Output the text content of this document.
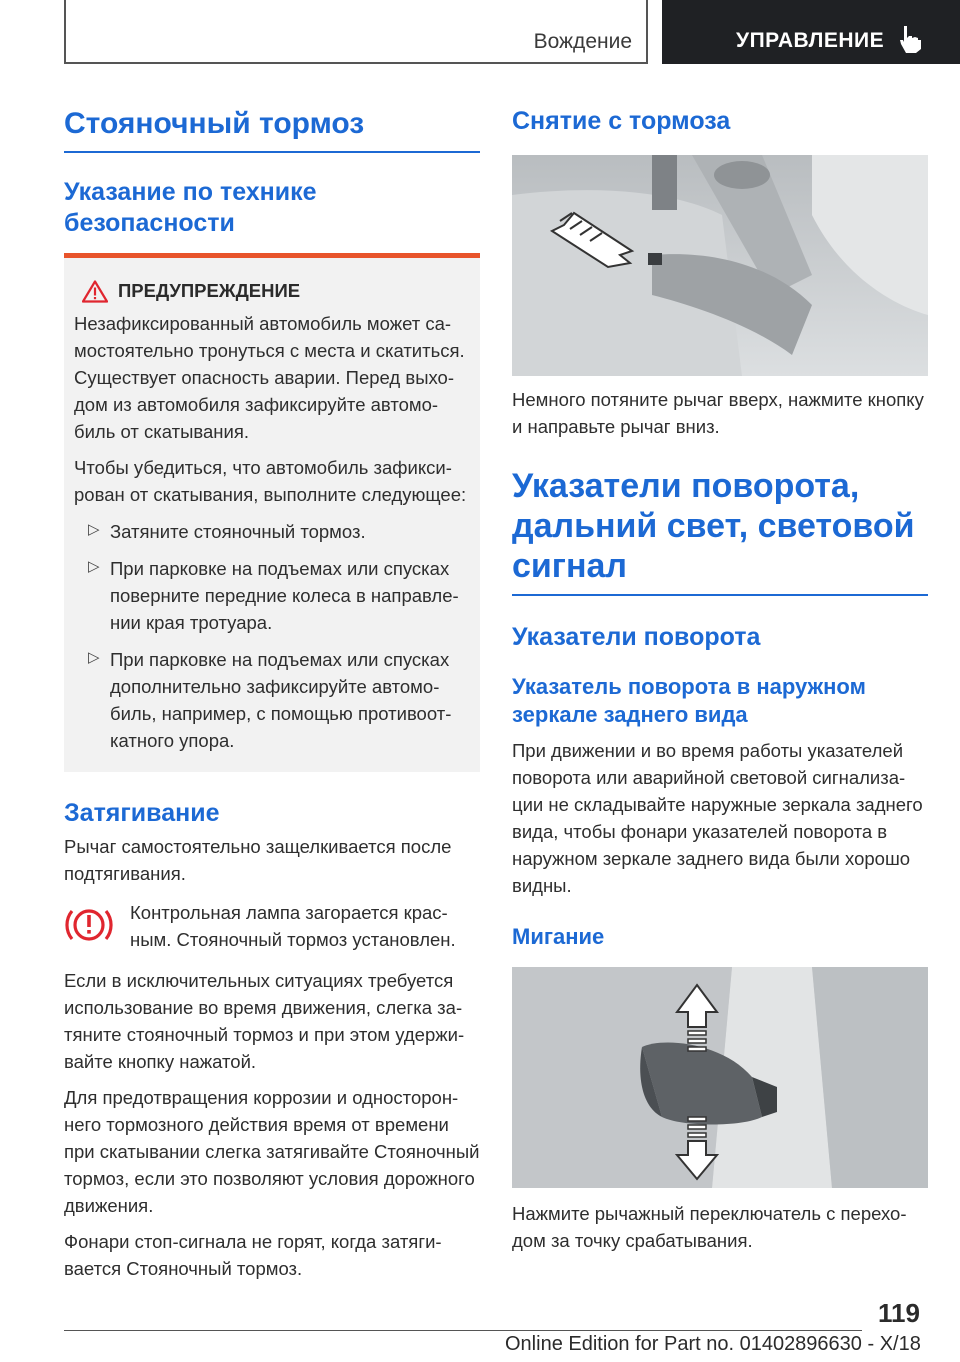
Вождение	УПРАВЛЕНИЕ
Стояночный тормоз
Указание по технике безопасности
ПРЕДУПРЕЖДЕНИЕ
Незафиксированный автомобиль может самостоятельно тронуться с места и скатиться. Существует опасность аварии. Перед выходом из автомобиля зафиксируйте автомобиль от скатывания.
Чтобы убедиться, что автомобиль зафиксирован от скатывания, выполните следующее:
▷ Затяните стояночный тормоз.
▷ При парковке на подъемах или спусках поверните передние колеса в направлении края тротуара.
▷ При парковке на подъемах или спусках дополнительно зафиксируйте автомобиль, например, с помощью противооткатного упора.
Затягивание
Рычаг самостоятельно защелкивается после подтягивания.
Контрольная лампа загорается красным. Стояночный тормоз установлен.
Если в исключительных ситуациях требуется использование во время движения, слегка затяните стояночный тормоз и при этом удерживайте кнопку нажатой.
Для предотвращения коррозии и одностороннего тормозного действия время от времени при скатывании слегка затягивайте Стояночный тормоз, если это позволяют условия дорожного движения.
Фонари стоп-сигнала не горят, когда затягивается Стояночный тормоз.
Снятие с тормоза
Немного потяните рычаг вверх, нажмите кнопку и направьте рычаг вниз.
Указатели поворота, дальний свет, световой сигнал
Указатели поворота
Указатель поворота в наружном зеркале заднего вида
При движении и во время работы указателей поворота или аварийной световой сигнализации не складывайте наружные зеркала заднего вида, чтобы фонари указателей поворота в наружном зеркале заднего вида были хорошо видны.
Мигание
Нажмите рычажный переключатель с переходом за точку срабатывания.
119
Online Edition for Part no. 01402896630 - X/18
